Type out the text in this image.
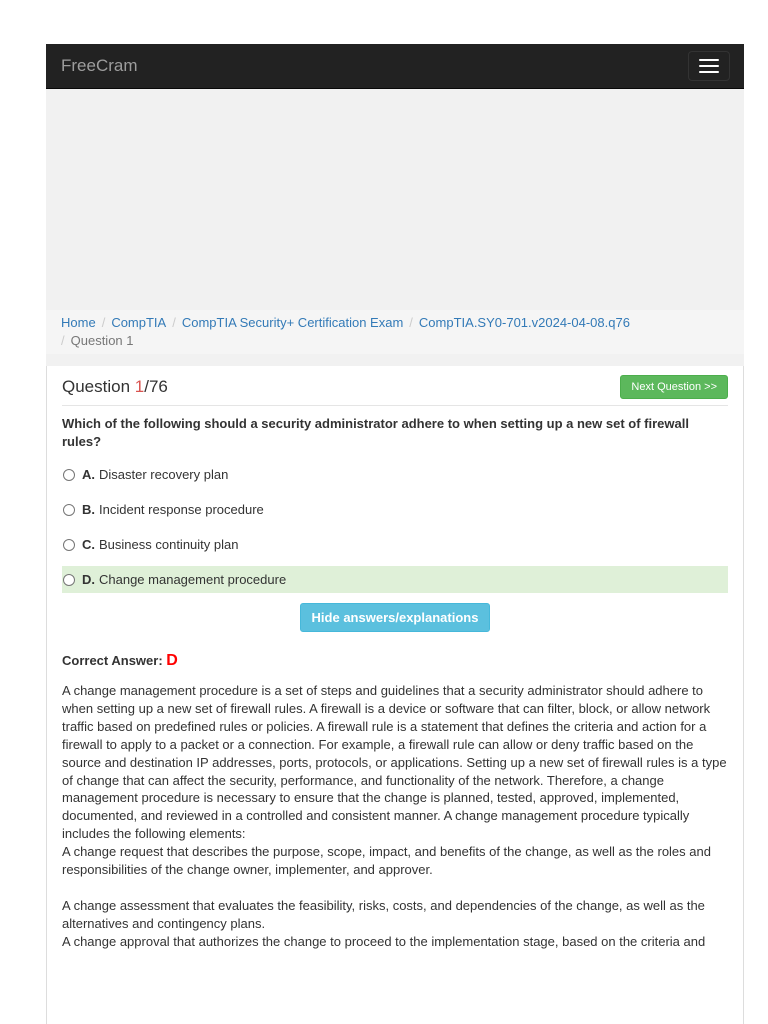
FreeCram
Home / CompTIA / CompTIA Security+ Certification Exam / CompTIA.SY0-701.v2024-04-08.q76
/ Question 1
Question 1/76	Next Question >>
Which of the following should a security administrator adhere to when setting up a new set of firewall rules?
A. Disaster recovery plan
B. Incident response procedure
C. Business continuity plan
D. Change management procedure
Hide answers/explanations
Correct Answer: D

A change management procedure is a set of steps and guidelines that a security administrator should adhere to when setting up a new set of firewall rules. A firewall is a device or software that can filter, block, or allow network traffic based on predefined rules or policies. A firewall rule is a statement that defines the criteria and action for a firewall to apply to a packet or a connection. For example, a firewall rule can allow or deny traffic based on the source and destination IP addresses, ports, protocols, or applications. Setting up a new set of firewall rules is a type of change that can affect the security, performance, and functionality of the network. Therefore, a change management procedure is necessary to ensure that the change is planned, tested, approved, implemented, documented, and reviewed in a controlled and consistent manner. A change management procedure typically includes the following elements:

A change request that describes the purpose, scope, impact, and benefits of the change, as well as the roles and responsibilities of the change owner, implementer, and approver.

A change assessment that evaluates the feasibility, risks, costs, and dependencies of the change, as well as the alternatives and contingency plans.

A change approval that authorizes the change to proceed to the implementation stage, based on the criteria and
